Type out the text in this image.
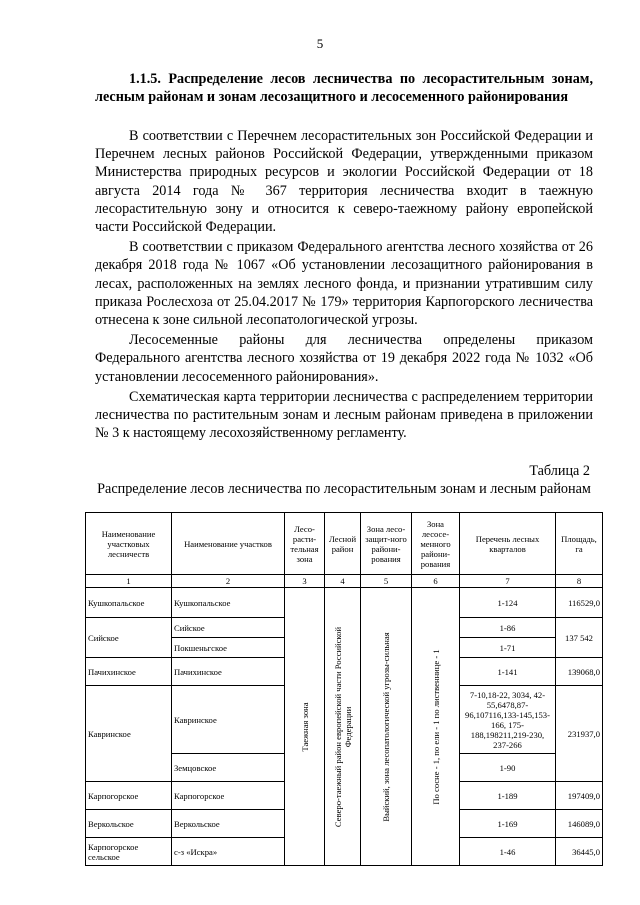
5
1.1.5. Распределение лесов лесничества по лесорастительным зонам, лесным районам и зонам лесозащитного и лесосеменного районирования

В соответствии с Перечнем лесорастительных зон Российской Федерации и Перечнем лесных районов Российской Федерации, утвержденными приказом Министерства природных ресурсов и экологии Российской Федерации от 18 августа 2014 года № 367 территория лесничества входит в таежную лесорастительную зону и относится к северо-таежному району европейской части Российской Федерации.

В соответствии с приказом Федерального агентства лесного хозяйства от 26 декабря 2018 года № 1067 «Об установлении лесозащитного районирования в лесах, расположенных на землях лесного фонда, и признании утратившим силу приказа Рослесхоза от 25.04.2017 № 179» территория Карпогорского лесничества отнесена к зоне сильной лесопатологической угрозы.

Лесосеменные районы для лесничества определены приказом Федерального агентства лесного хозяйства от 19 декабря 2022 года № 1032 «Об установлении лесосеменного районирования».

Схематическая карта территории лесничества с распределением территории лесничества по растительным зонам и лесным районам приведена в приложении № 3 к настоящему лесохозяйственному регламенту.

Таблица 2
Распределение лесов лесничества по лесорастительным зонам и лесным районам
Наименование участковых лесничеств	Наименование участков	Лесо-расти-тельная зона	Лесной район	Зона лесо-защит-ного райони-рования	Зона лесосе-менного райони-рования	Перечень лесных кварталов	Площадь, га
1	2	3	4	5	6	7	8
Кушкопальское	Кушкопальское	Таежная зона	Северо-таежный район европейской части Российской Федерации	Выйский, зона лесопатологической угрозы-сильная	По сосне - 1, по ели - 1 по лиственнице - 1	1-124	116529,0
Сийское	Сийское					1-86	137 542
	Покшеньгское					1-71	
Пачихинское	Пачихинское					1-141	139068,0
Кавринское	Кавринское					7-10,18-22, 3034, 42-55,6478,87-96,107116,133-145,153-166, 175-188,198211,219-230, 237-266	231937,0
	Земцовское					1-90	
Карпогорское	Карпогорское					1-189	197409,0
Веркольское	Веркольское					1-169	146089,0
Карпогорское сельское	с-з «Искра»					1-46	36445,0
